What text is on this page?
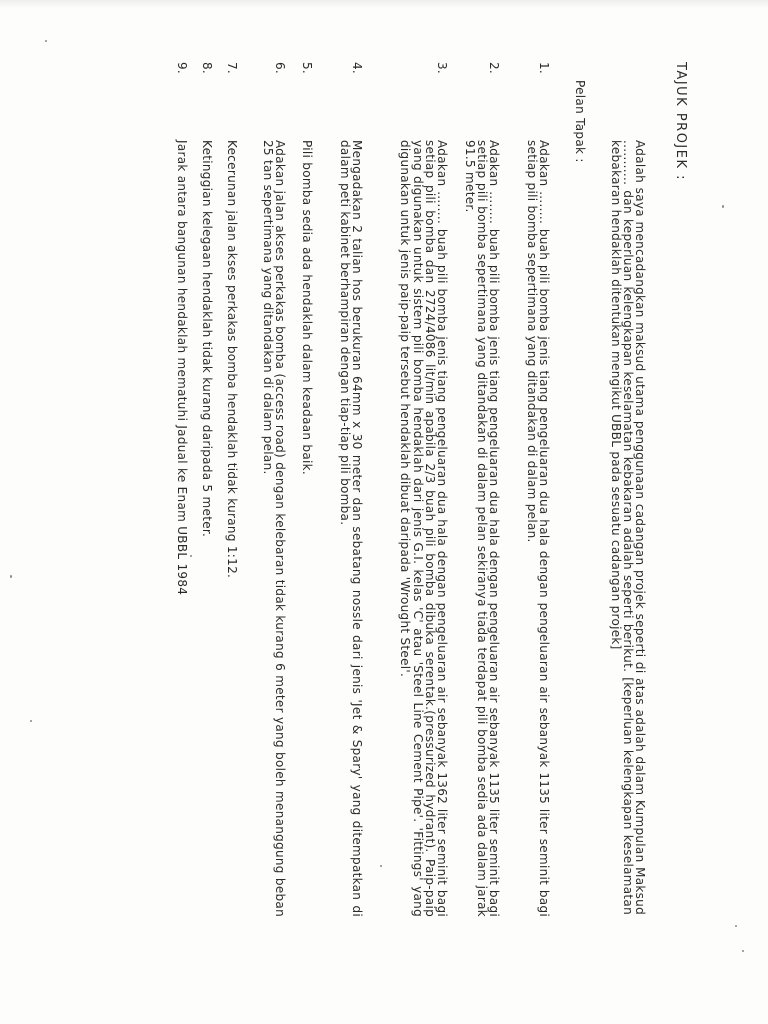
TAJUK PROJEK :
Adalah saya mencadangkan maksud utama penggunaan cadangan projek seperti di atas adalah dalam Kumpulan Maksud ........... dan keperluan kelengkapan keselamatan kebakaran adalah seperti berikut. [keperluan kelengkapan keselamatan kebakaran hendaklah ditentukan mengikut UBBL pada sesuatu cadangan projek]
Pelan Tapak :
1.
Adakan ........ buah pili bomba jenis tiang pengeluaran dua hala dengan pengeluaran air sebanyak 1135 liter seminit bagi setiap pili bomba sepertimana yang ditandakan di dalam pelan.
2.
Adakan ........ buah pili bomba jenis tiang pengeluaran dua hala dengan pengeluaran air sebanyak 1135 liter seminit bagi setiap pili bomba sepertimana yang ditandakan di dalam pelan sekiranya tiada terdapat pili bomba sedia ada dalam jarak 91.5 meter.
3.
Adakan ........ buah pili bomba jenis tiang pengeluaran dua hala dengan pengeluaran air sebanyak 1362 liter seminit bagi setiap pili bomba dan 2724/4086 lit/min apabila 2/3 buah pili bomba dibuka serentak.(pressurized hydrant). Paip-paip yang digunakan untuk sistem pili bomba hendaklah dari jenis G.I. kelas 'C' atau 'Steel Line Cement Pipe'. 'Fittings' yang digunakan untuk jenis paip-paip tersebut hendaklah dibuat daripada 'Wrought Steel'.
4.
Mengadakan 2 talian hos berukuran 64mm x 30 meter dan sebatang nossle dari jenis 'Jet & Spary' yang ditempatkan di dalam peti kabinet berhampiran dengan tiap-tiap pili bomba.
5.
Pili bomba sedia ada hendaklah dalam keadaan baik.
6.
Adakan jalan akses perkakas bomba (access road) dengan kelebaran tidak kurang 6 meter yang boleh menanggung beban 25 tan sepertimana yang ditandakan di dalam pelan.
7.
Kecerunan jalan akses perkakas bomba hendaklah tidak kurang 1:12.
8.
Ketinggian kelegaan hendaklah tidak kurang daripada 5 meter.
9.
Jarak antara bangunan hendaklah mematuhi Jadual ke Enam UBBL 1984
